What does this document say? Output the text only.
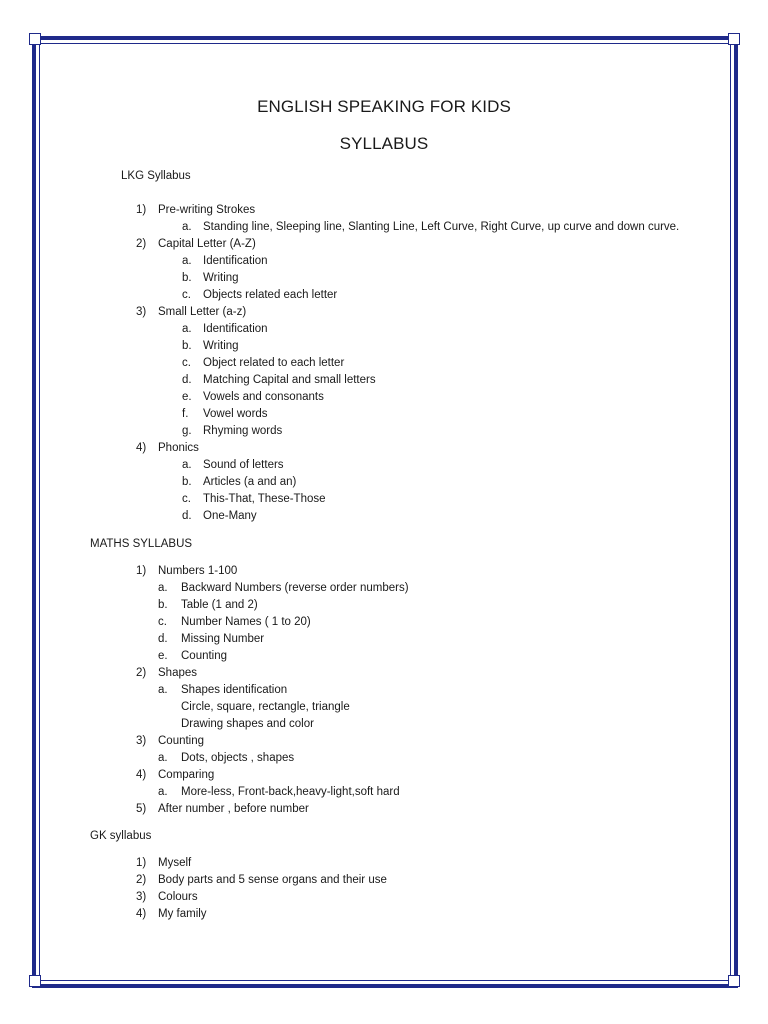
ENGLISH SPEAKING FOR KIDS
SYLLABUS
LKG Syllabus
1) Pre-writing Strokes
a. Standing line, Sleeping line, Slanting Line, Left Curve, Right Curve, up curve and down curve.
2) Capital Letter (A-Z)
a. Identification
b. Writing
c. Objects related each letter
3) Small Letter (a-z)
a. Identification
b. Writing
c. Object related to each letter
d. Matching Capital and small letters
e. Vowels and consonants
f. Vowel words
g. Rhyming words
4) Phonics
a. Sound of letters
b. Articles (a and an)
c. This-That, These-Those
d. One-Many
MATHS SYLLABUS
1) Numbers 1-100
a. Backward Numbers (reverse order numbers)
b. Table (1 and 2)
c. Number Names ( 1 to 20)
d. Missing Number
e. Counting
2) Shapes
a. Shapes identification
Circle, square, rectangle, triangle
Drawing shapes and color
3) Counting
a. Dots, objects , shapes
4) Comparing
a. More-less, Front-back,heavy-light,soft hard
5) After number , before number
GK syllabus
1) Myself
2) Body parts and 5 sense organs and their use
3) Colours
4) My family
